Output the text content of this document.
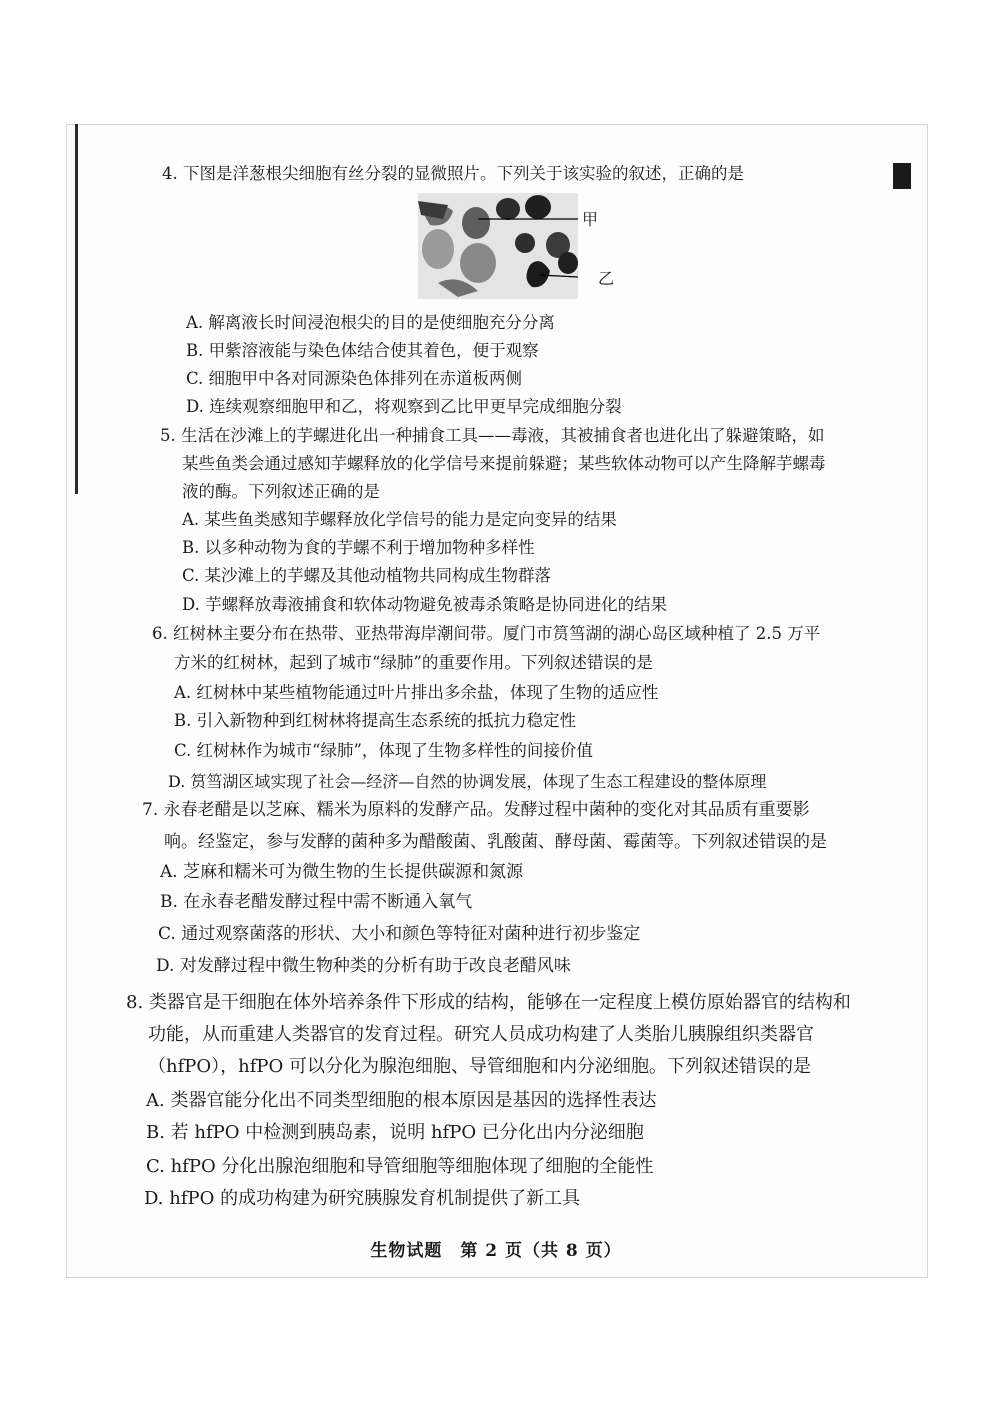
4. 下图是洋葱根尖细胞有丝分裂的显微照片。下列关于该实验的叙述，正确的是
甲
乙
A. 解离液长时间浸泡根尖的目的是使细胞充分分离
B. 甲紫溶液能与染色体结合使其着色，便于观察
C. 细胞甲中各对同源染色体排列在赤道板两侧
D. 连续观察细胞甲和乙，将观察到乙比甲更早完成细胞分裂
5. 生活在沙滩上的芋螺进化出一种捕食工具——毒液，其被捕食者也进化出了躲避策略，如
某些鱼类会通过感知芋螺释放的化学信号来提前躲避；某些软体动物可以产生降解芋螺毒
液的酶。下列叙述正确的是
A. 某些鱼类感知芋螺释放化学信号的能力是定向变异的结果
B. 以多种动物为食的芋螺不利于增加物种多样性
C. 某沙滩上的芋螺及其他动植物共同构成生物群落
D. 芋螺释放毒液捕食和软体动物避免被毒杀策略是协同进化的结果
6. 红树林主要分布在热带、亚热带海岸潮间带。厦门市筼筜湖的湖心岛区域种植了 2.5 万平
方米的红树林，起到了城市“绿肺”的重要作用。下列叙述错误的是
A. 红树林中某些植物能通过叶片排出多余盐，体现了生物的适应性
B. 引入新物种到红树林将提高生态系统的抵抗力稳定性
C. 红树林作为城市“绿肺”，体现了生物多样性的间接价值
D. 筼筜湖区域实现了社会—经济—自然的协调发展，体现了生态工程建设的整体原理
7. 永春老醋是以芝麻、糯米为原料的发酵产品。发酵过程中菌种的变化对其品质有重要影
响。经鉴定，参与发酵的菌种多为醋酸菌、乳酸菌、酵母菌、霉菌等。下列叙述错误的是
A. 芝麻和糯米可为微生物的生长提供碳源和氮源
B. 在永春老醋发酵过程中需不断通入氧气
C. 通过观察菌落的形状、大小和颜色等特征对菌种进行初步鉴定
D. 对发酵过程中微生物种类的分析有助于改良老醋风味
8. 类器官是干细胞在体外培养条件下形成的结构，能够在一定程度上模仿原始器官的结构和
功能，从而重建人类器官的发育过程。研究人员成功构建了人类胎儿胰腺组织类器官
（hfPO），hfPO 可以分化为腺泡细胞、导管细胞和内分泌细胞。下列叙述错误的是
A. 类器官能分化出不同类型细胞的根本原因是基因的选择性表达
B. 若 hfPO 中检测到胰岛素，说明 hfPO 已分化出内分泌细胞
C. hfPO 分化出腺泡细胞和导管细胞等细胞体现了细胞的全能性
D. hfPO 的成功构建为研究胰腺发育机制提供了新工具
生物试题　第 2 页（共 8 页）
